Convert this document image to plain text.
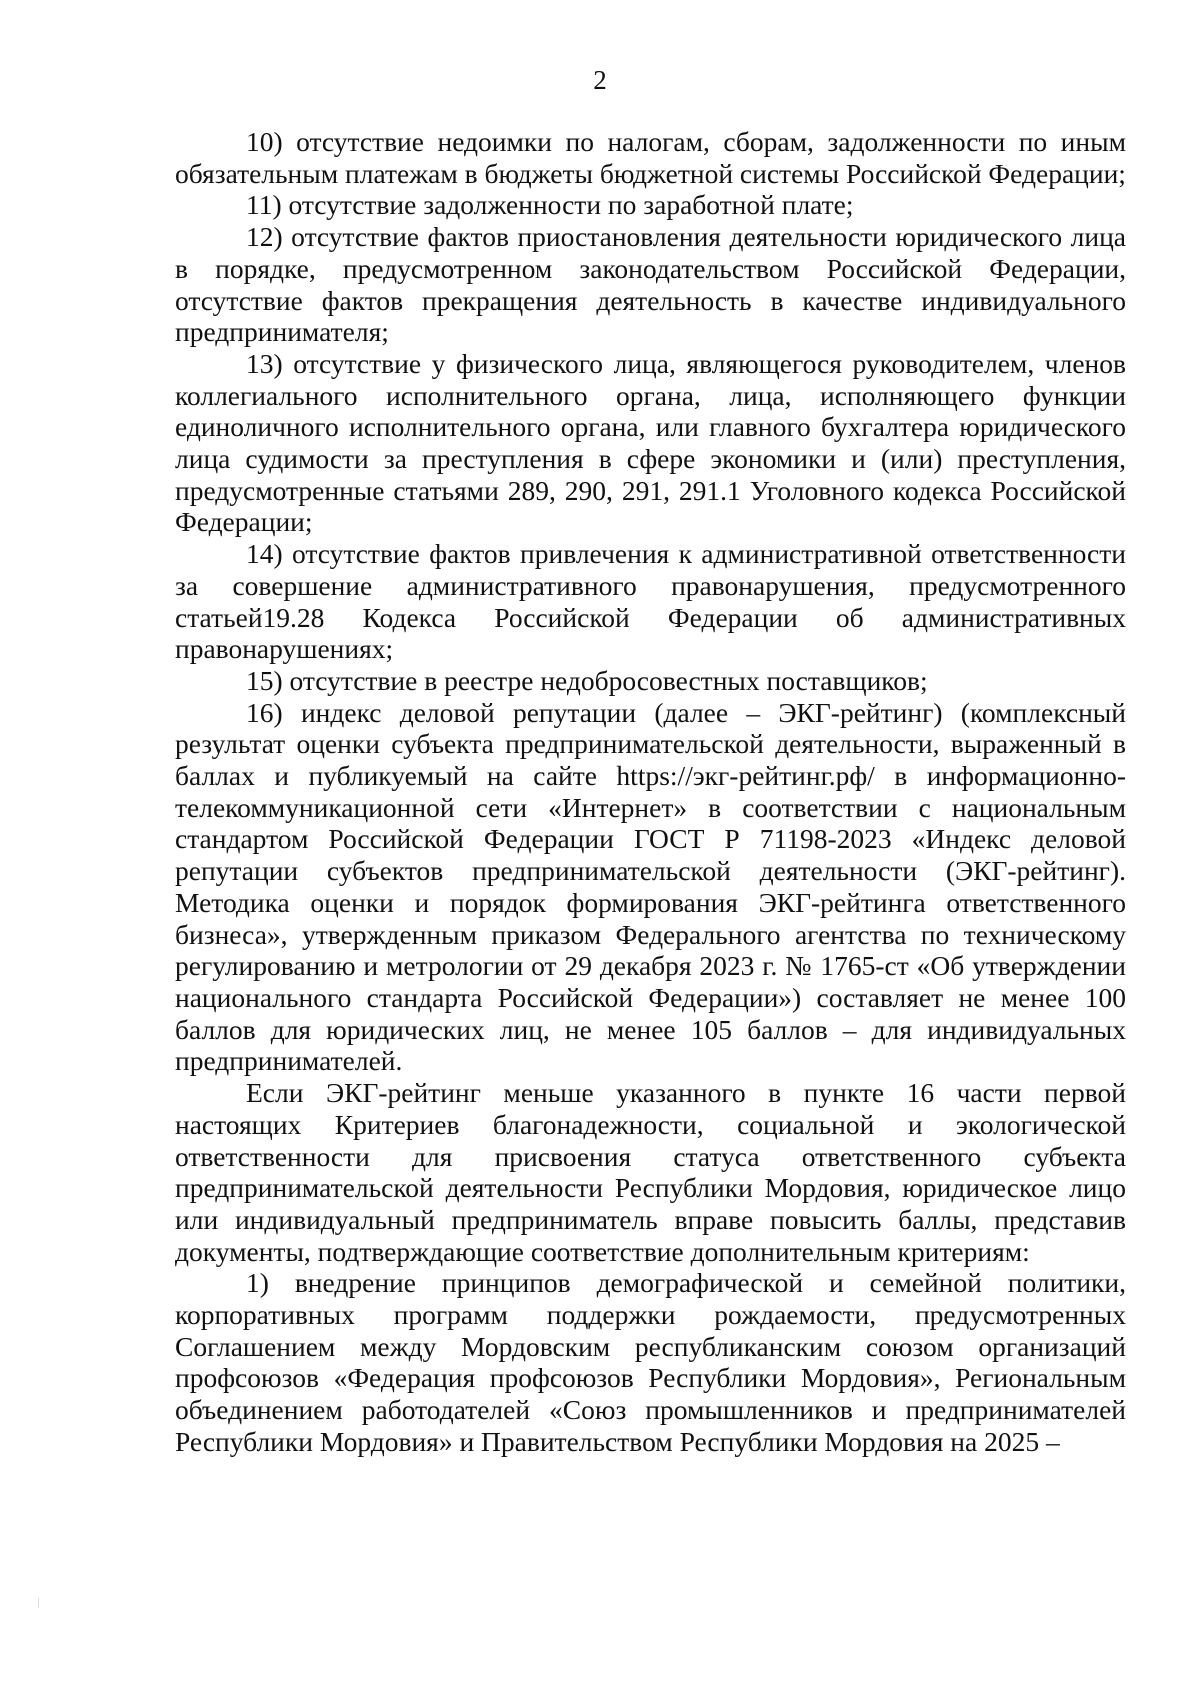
2

10) отсутствие недоимки по налогам, сборам, задолженности по иным обязательным платежам в бюджеты бюджетной системы Российской Федерации;

11) отсутствие задолженности по заработной плате;

12) отсутствие фактов приостановления деятельности юридического лица в порядке, предусмотренном законодательством Российской Федерации, отсутствие фактов прекращения деятельность в качестве индивидуального предпринимателя;

13) отсутствие у физического лица, являющегося руководителем, членов коллегиального исполнительного органа, лица, исполняющего функции единоличного исполнительного органа, или главного бухгалтера юридического лица судимости за преступления в сфере экономики и (или) преступления, предусмотренные статьями 289, 290, 291, 291.1 Уголовного кодекса Российской Федерации;

14) отсутствие фактов привлечения к административной ответственности за совершение административного правонарушения, предусмотренного статьей19.28 Кодекса Российской Федерации об административных правонарушениях;

15) отсутствие в реестре недобросовестных поставщиков;

16) индекс деловой репутации (далее – ЭКГ-рейтинг) (комплексный результат оценки субъекта предпринимательской деятельности, выраженный в баллах и публикуемый на сайте https://экг-рейтинг.рф/ в информационно-телекоммуникационной сети «Интернет» в соответствии с национальным стандартом Российской Федерации ГОСТ Р 71198-2023 «Индекс деловой репутации субъектов предпринимательской деятельности (ЭКГ-рейтинг). Методика оценки и порядок формирования ЭКГ-рейтинга ответственного бизнеса», утвержденным приказом Федерального агентства по техническому регулированию и метрологии от 29 декабря 2023 г. № 1765-ст «Об утверждении национального стандарта Российской Федерации») составляет не менее 100 баллов для юридических лиц, не менее 105 баллов – для индивидуальных предпринимателей.

Если ЭКГ-рейтинг меньше указанного в пункте 16 части первой настоящих Критериев благонадежности, социальной и экологической ответственности для присвоения статуса ответственного субъекта предпринимательской деятельности Республики Мордовия, юридическое лицо или индивидуальный предприниматель вправе повысить баллы, представив документы, подтверждающие соответствие дополнительным критериям:

1) внедрение принципов демографической и семейной политики, корпоративных программ поддержки рождаемости, предусмотренных Соглашением между Мордовским республиканским союзом организаций профсоюзов «Федерация профсоюзов Республики Мордовия», Региональным объединением работодателей «Союз промышленников и предпринимателей Республики Мордовия» и Правительством Республики Мордовия на 2025 –
